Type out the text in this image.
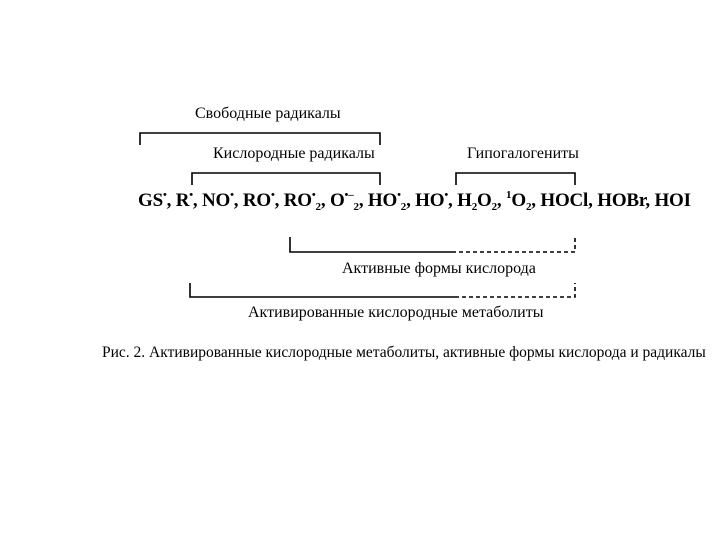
Свободные радикалы
Кислородные радикалы	Гипогалогениты
GS•, R•, NO•, RO•, $RO^•_2$, $O^{•-}_2$, $HO^•_2$, HO•, $H_2O_2$, $^1O_2$, HOCl, HOBr, HOI
Активные формы кислорода
Активированные кислородные метаболиты
Рис. 2. Активированные кислородные метаболиты, активные формы кислорода и радикалы
